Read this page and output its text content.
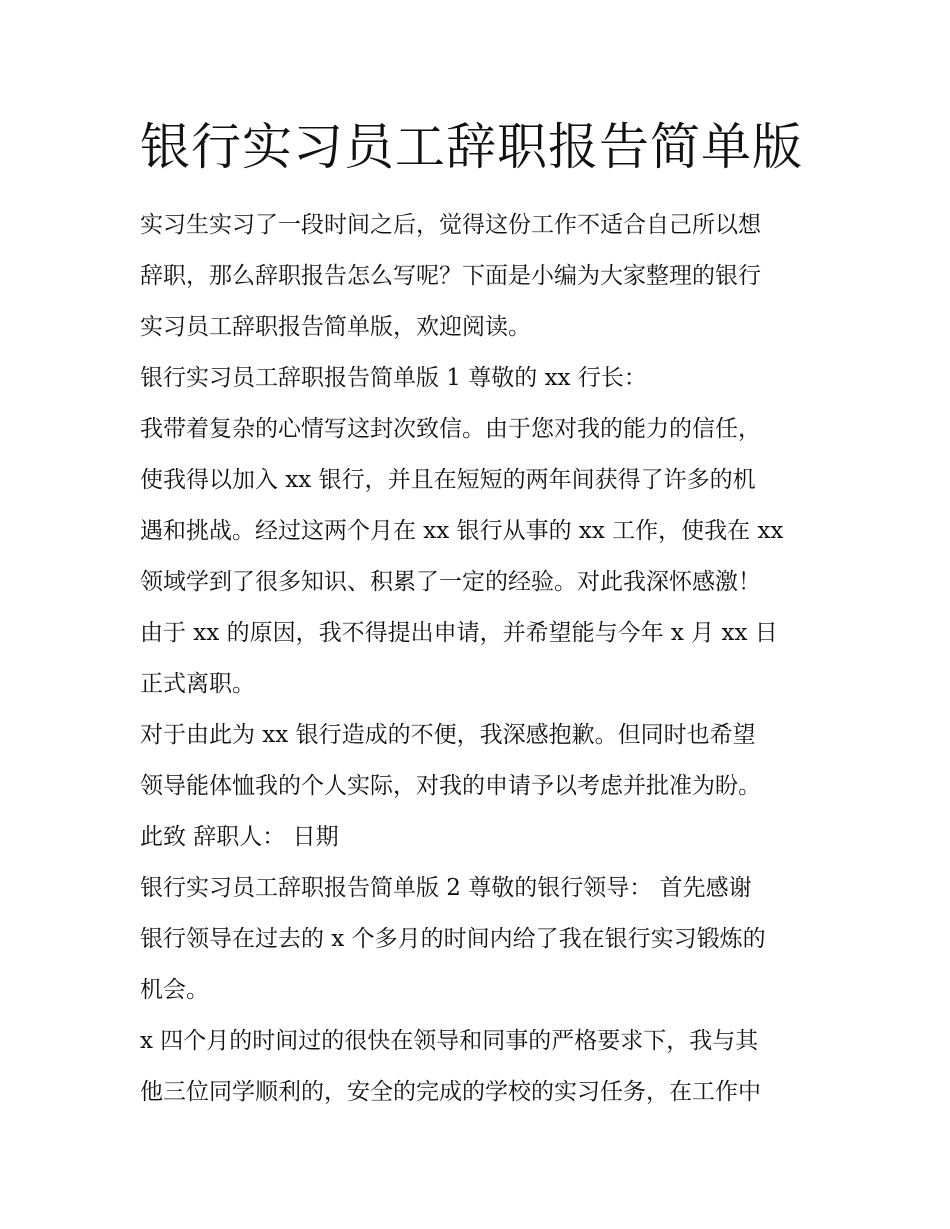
银行实习员工辞职报告简单版

实习生实习了一段时间之后，觉得这份工作不适合自己所以想
辞职，那么辞职报告怎么写呢？下面是小编为大家整理的银行
实习员工辞职报告简单版，欢迎阅读。

银行实习员工辞职报告简单版 1 尊敬的 xx 行长：

我带着复杂的心情写这封次致信。由于您对我的能力的信任，
使我得以加入 xx 银行，并且在短短的两年间获得了许多的机
遇和挑战。经过这两个月在 xx 银行从事的 xx 工作，使我在 xx
领域学到了很多知识、积累了一定的经验。对此我深怀感激！
由于 xx 的原因，我不得提出申请，并希望能与今年 x 月 xx 日
正式离职。

对于由此为 xx 银行造成的不便，我深感抱歉。但同时也希望
领导能体恤我的个人实际，对我的申请予以考虑并批准为盼。

此致 辞职人： 日期

银行实习员工辞职报告简单版 2 尊敬的银行领导： 首先感谢
银行领导在过去的 x 个多月的时间内给了我在银行实习锻炼的
机会。

x 四个月的时间过的很快在领导和同事的严格要求下，我与其
他三位同学顺利的，安全的完成的学校的实习任务，在工作中
